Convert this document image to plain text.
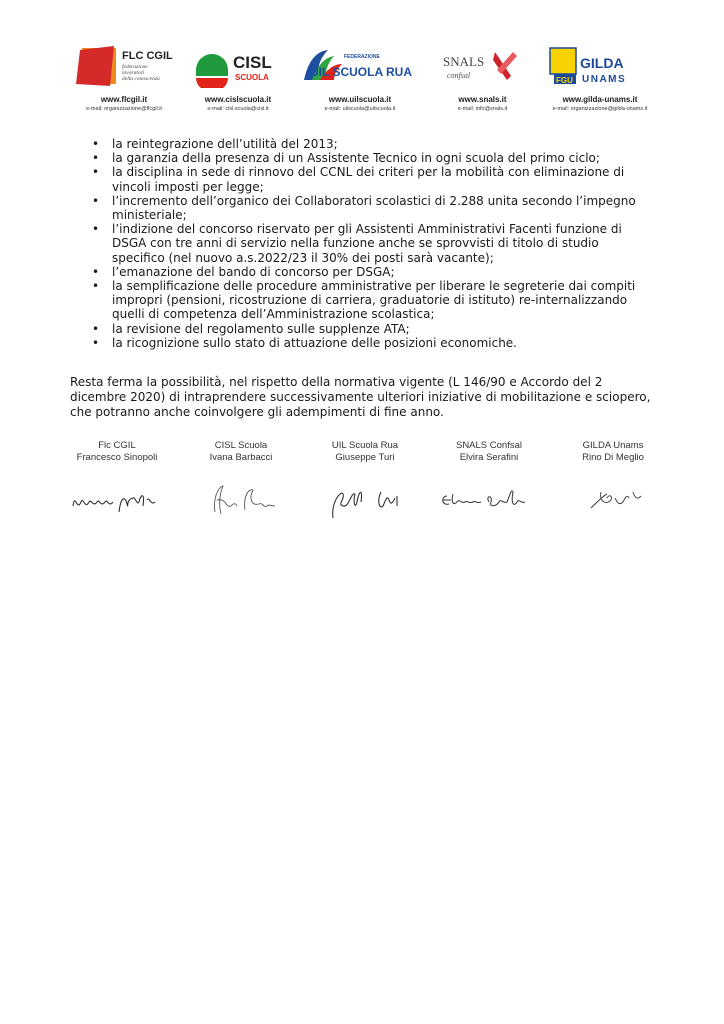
FLC CGIL
federazione
lavoratori
della conoscenza
www.flcgil.it
e-mail: organizzazione@flcgil.it
CISL
SCUOLA
www.cislscuola.it
e-mail: cisl.scuola@cisl.it
FEDERAZIONE
UIL SCUOLA RUA
www.uilscuola.it
e-mail: uilscuola@uilscuola.it
SNALS
confsal
www.snals.it
e-mail: info@snals.it
FGU
GILDA
UNAMS
www.gilda-unams.it
e-mail: organizzazione@gilda-unams.it
• la reintegrazione dell’utilità del 2013;
• la garanzia della presenza di un Assistente Tecnico in ogni scuola del primo ciclo;
• la disciplina in sede di rinnovo del CCNL dei criteri per la mobilità con eliminazione di
vincoli imposti per legge;
• l’incremento dell’organico dei Collaboratori scolastici di 2.288 unita secondo l’impegno
ministeriale;
• l’indizione del concorso riservato per gli Assistenti Amministrativi Facenti funzione di
DSGA con tre anni di servizio nella funzione anche se sprovvisti di titolo di studio
specifico (nel nuovo a.s.2022/23 il 30% dei posti sarà vacante);
• l’emanazione del bando di concorso per DSGA;
• la semplificazione delle procedure amministrative per liberare le segreterie dai compiti
impropri (pensioni, ricostruzione di carriera, graduatorie di istituto) re-internalizzando
quelli di competenza dell’Amministrazione scolastica;
• la revisione del regolamento sulle supplenze ATA;
• la ricognizione sullo stato di attuazione delle posizioni economiche.

Resta ferma la possibilità, nel rispetto della normativa vigente (L 146/90 e Accordo del 2
dicembre 2020) di intraprendere successivamente ulteriori iniziative di mobilitazione e sciopero,
che potranno anche coinvolgere gli adempimenti di fine anno.

Flc CGIL
Francesco Sinopoli
CISL Scuola
Ivana Barbacci
UIL Scuola Rua
Giuseppe Turi
SNALS Confsal
Elvira Serafini
GILDA Unams
Rino Di Meglio
